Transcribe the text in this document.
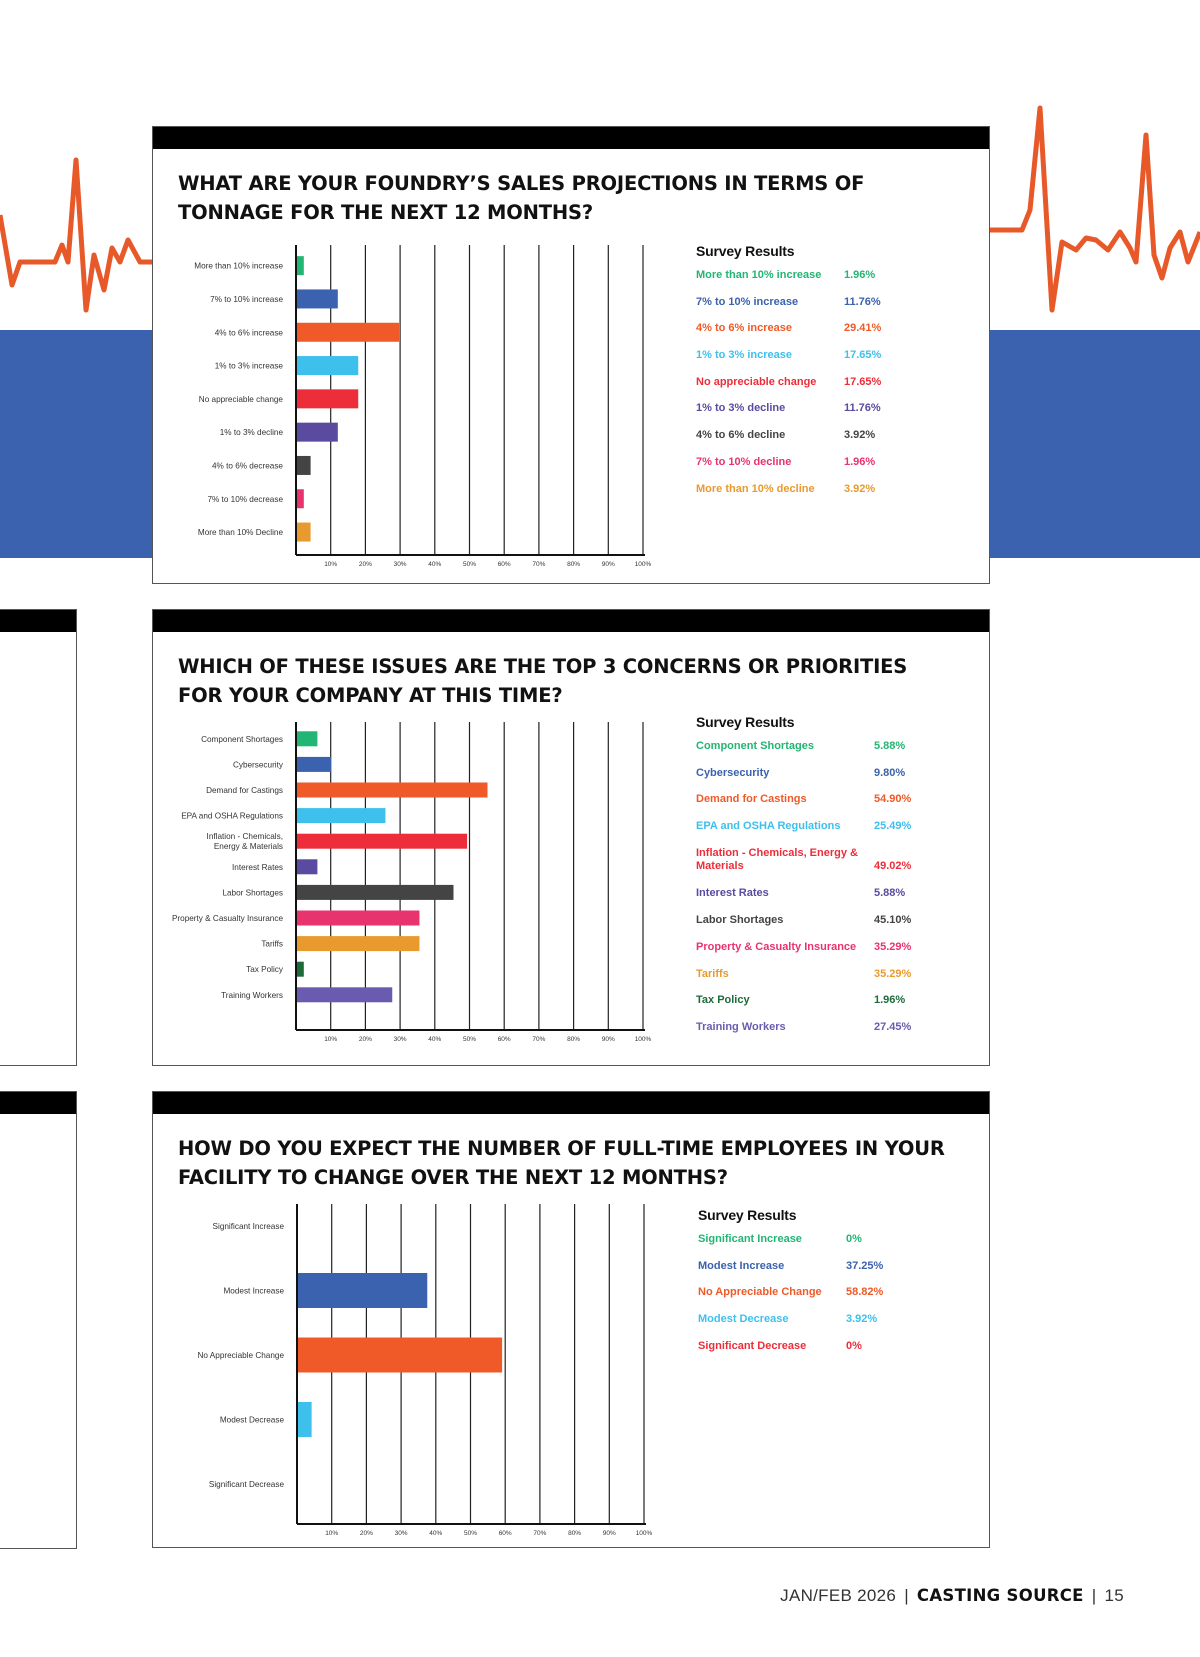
WHAT ARE YOUR FOUNDRY’S SALES PROJECTIONS IN TERMS OF TONNAGE FOR THE NEXT 12 MONTHS?
10%	20%	30%	40%	50%	60%	70%	80%	90%	100%
More than 10% increase
7% to 10% increase
4% to 6% increase
1% to 3% increase
No appreciable change
1% to 3% decline
4% to 6% decrease
7% to 10% decrease
More than 10% Decline
Survey Results
More than 10% increase	1.96%
7% to 10% increase	11.76%
4% to 6% increase	29.41%
1% to 3% increase	17.65%
No appreciable change	17.65%
1% to 3% decline	11.76%
4% to 6% decline	3.92%
7% to 10% decline	1.96%
More than 10% decline	3.92%
WHICH OF THESE ISSUES ARE THE TOP 3 CONCERNS OR PRIORITIES FOR YOUR COMPANY AT THIS TIME?
10%	20%	30%	40%	50%	60%	70%	80%	90%	100%
Component Shortages
Cybersecurity
Demand for Castings
EPA and OSHA Regulations
Inflation - Chemicals, Energy & Materials
Interest Rates
Labor Shortages
Property & Casualty Insurance
Tariffs
Tax Policy
Training Workers
Survey Results
Component Shortages	5.88%
Cybersecurity	9.80%
Demand for Castings	54.90%
EPA and OSHA Regulations	25.49%
Inflation - Chemicals, Energy & Materials	49.02%
Interest Rates	5.88%
Labor Shortages	45.10%
Property & Casualty Insurance	35.29%
Tariffs	35.29%
Tax Policy	1.96%
Training Workers	27.45%
HOW DO YOU EXPECT THE NUMBER OF FULL-TIME EMPLOYEES IN YOUR FACILITY TO CHANGE OVER THE NEXT 12 MONTHS?
10%	20%	30%	40%	50%	60%	70%	80%	90%	100%
Significant Increase
Modest Increase
No Appreciable Change
Modest Decrease
Significant Decrease
Survey Results
Significant Increase	0%
Modest Increase	37.25%
No Appreciable Change	58.82%
Modest Decrease	3.92%
Significant Decrease	0%
JAN/FEB 2026 | CASTING SOURCE | 15
